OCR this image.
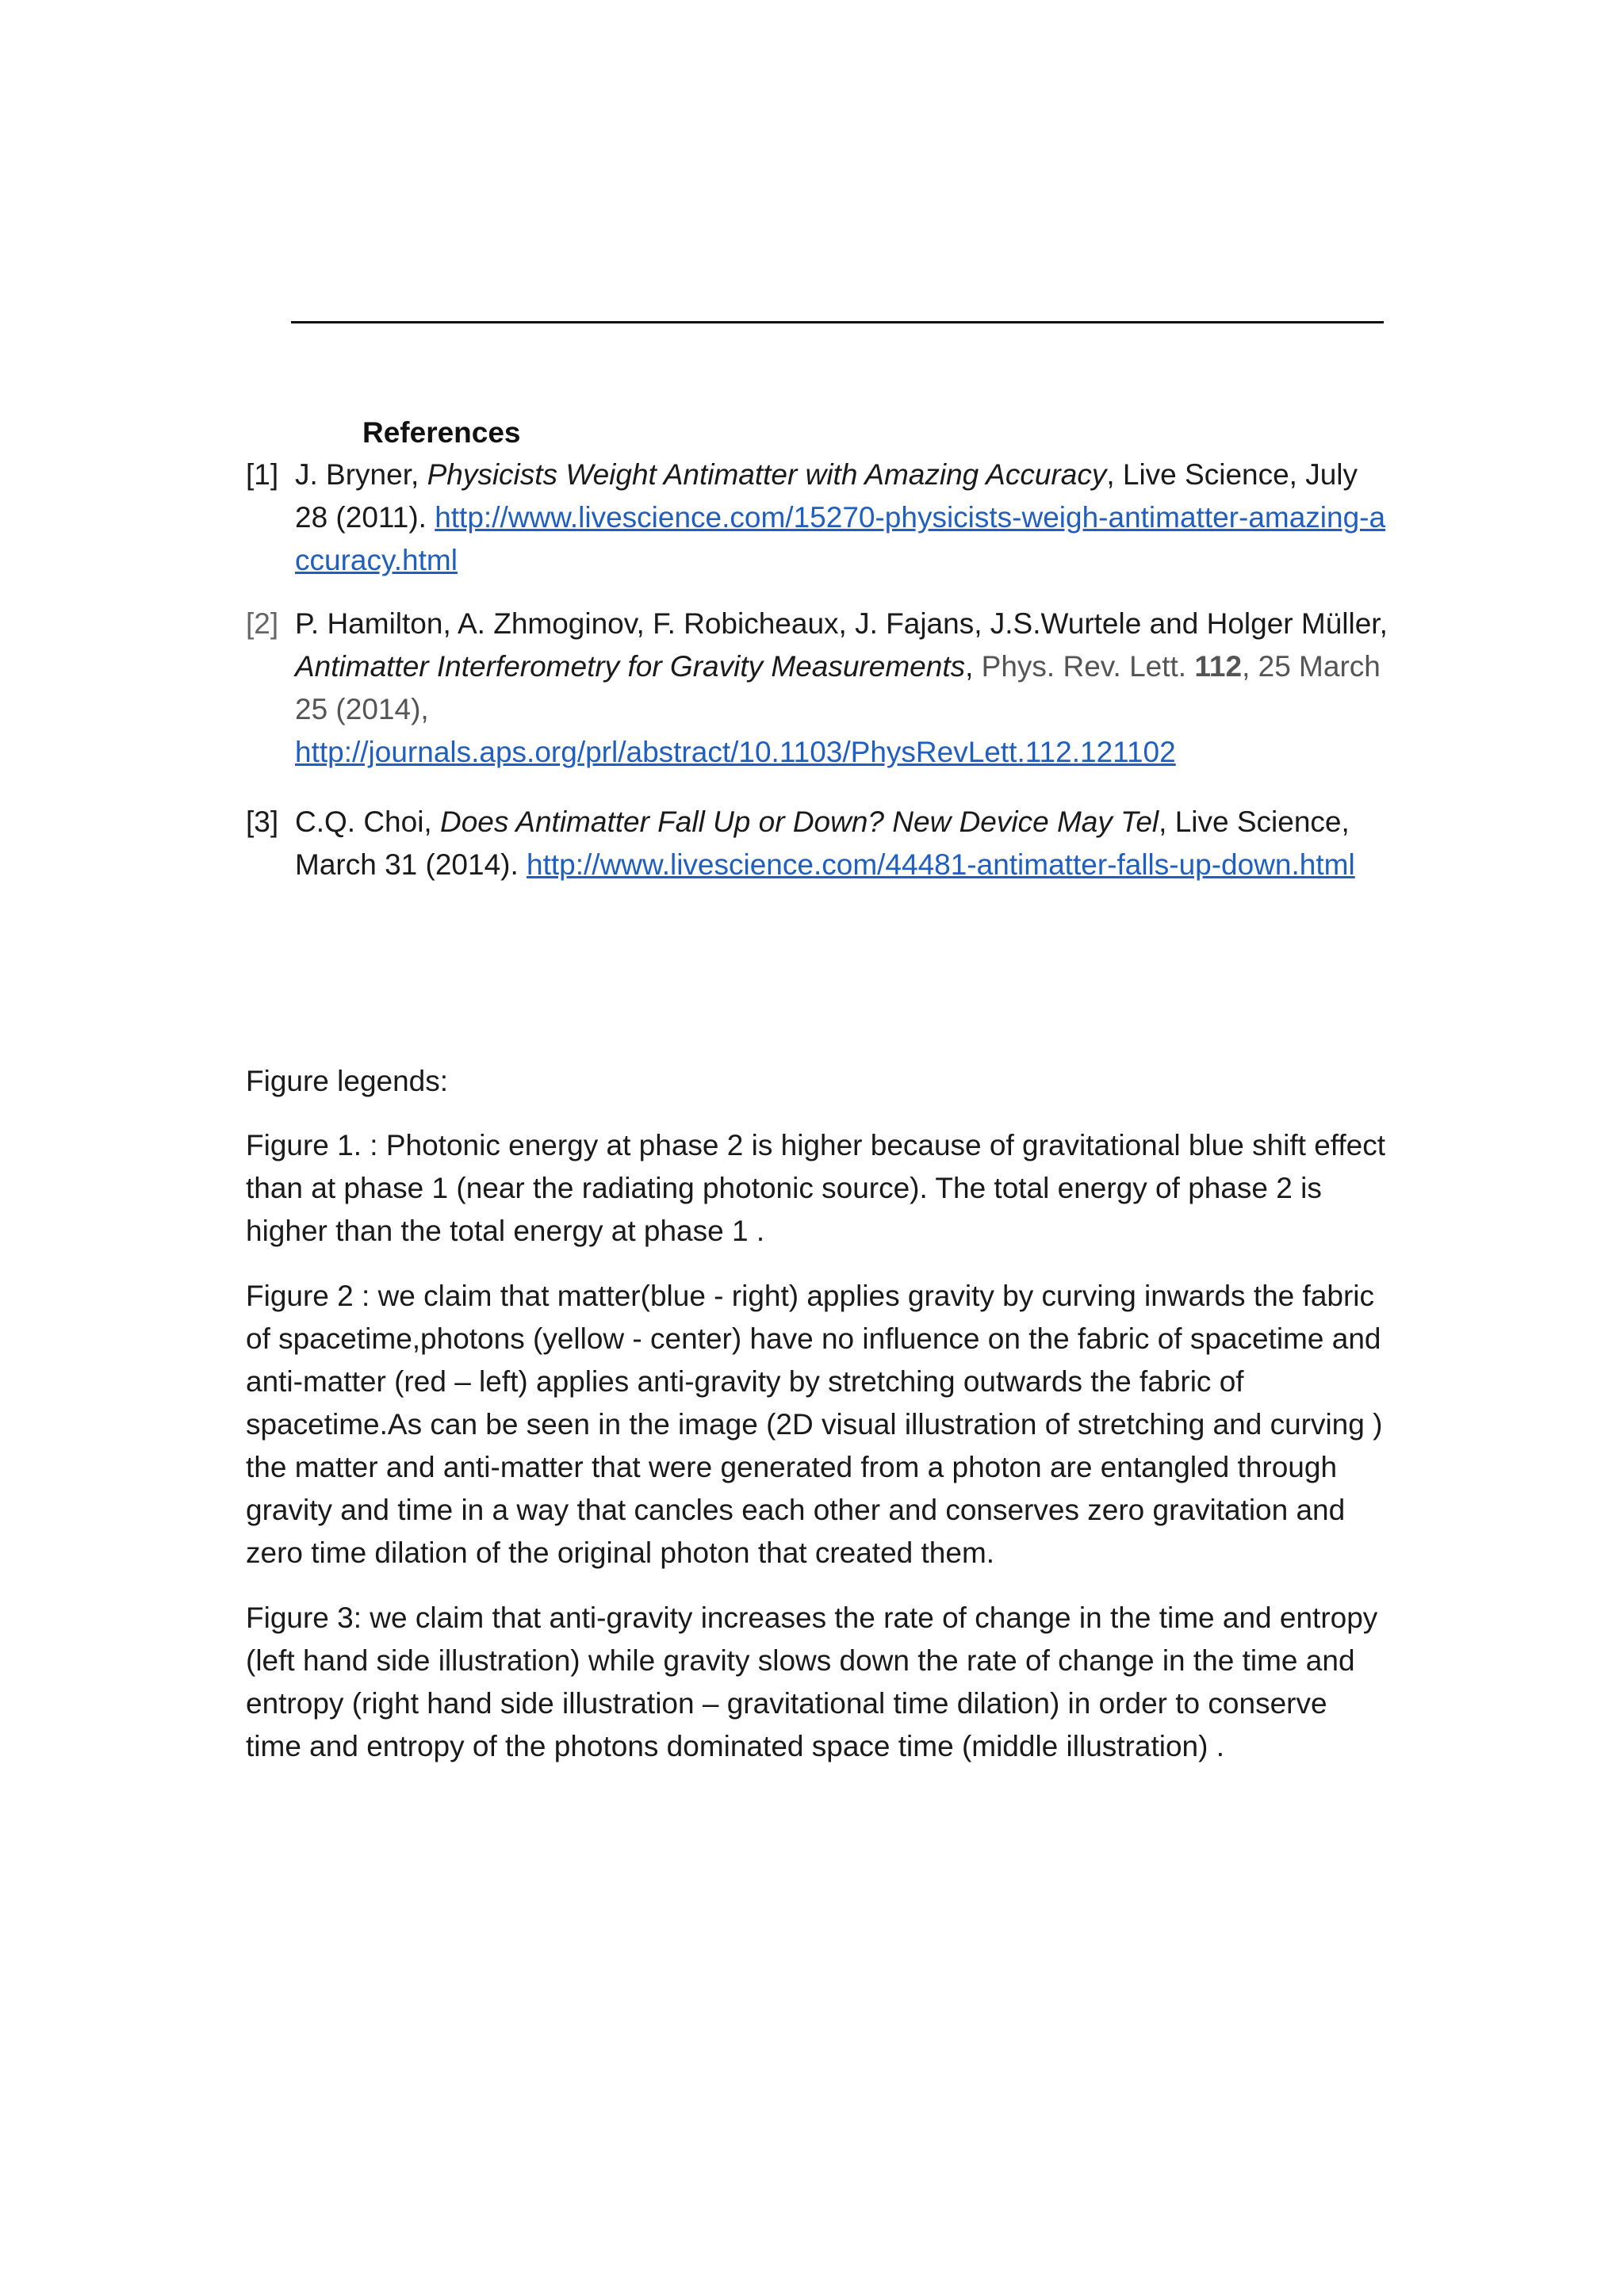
References
[1] J. Bryner, Physicists Weight Antimatter with Amazing Accuracy, Live Science, July 28 (2011). http://www.livescience.com/15270-physicists-weigh-antimatter-amazing-accuracy.html
[2] P. Hamilton, A. Zhmoginov, F. Robicheaux, J. Fajans, J.S.Wurtele and Holger Müller, Antimatter Interferometry for Gravity Measurements, Phys. Rev. Lett. 112, 25 March 25 (2014),
http://journals.aps.org/prl/abstract/10.1103/PhysRevLett.112.121102
[3] C.Q. Choi, Does Antimatter Fall Up or Down? New Device May Tel, Live Science, March 31 (2014). http://www.livescience.com/44481-antimatter-falls-up-down.html

Figure legends:

Figure 1. : Photonic energy at phase 2 is higher because of gravitational blue shift effect than at phase 1 (near the radiating photonic source). The total energy of phase 2 is higher than the total energy at phase 1 .

Figure 2 : we claim that matter(blue - right) applies gravity by curving inwards the fabric of spacetime,photons (yellow - center) have no influence on the fabric of spacetime and anti-matter (red – left) applies anti-gravity by stretching outwards the fabric of spacetime.As can be seen in the image (2D visual illustration of stretching and curving ) the matter and anti-matter that were generated from a photon are entangled through gravity and time in a way that cancles each other and conserves zero gravitation and zero time dilation of the original photon that created them.

Figure 3: we claim that anti-gravity increases the rate of change in the time and entropy (left hand side illustration) while gravity slows down the rate of change in the time and entropy (right hand side illustration – gravitational time dilation) in order to conserve time and entropy of the photons dominated space time (middle illustration) .
